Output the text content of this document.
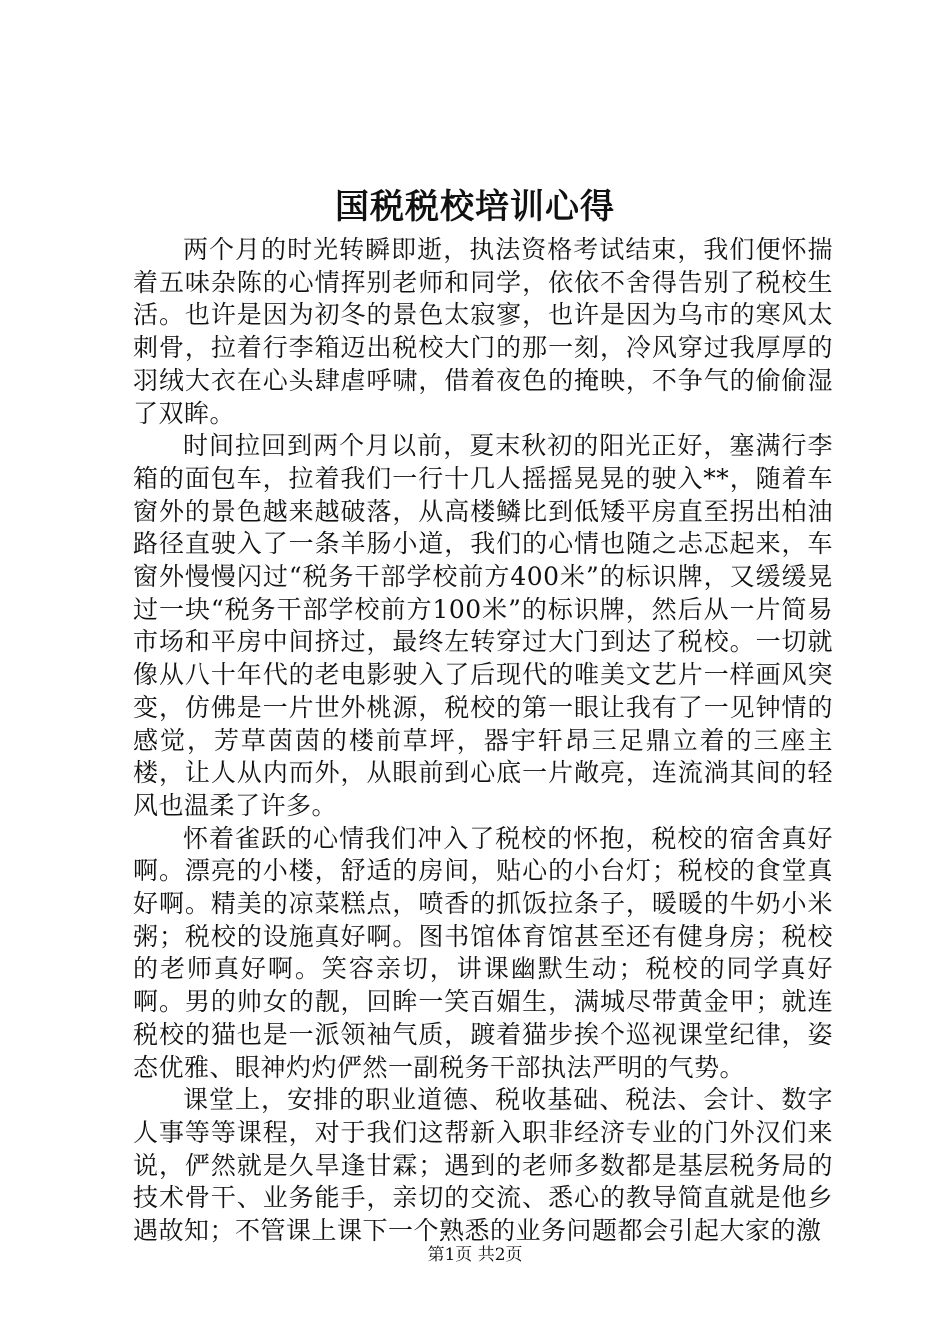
国税税校培训心得

两个月的时光转瞬即逝，执法资格考试结束，我们便怀揣着五味杂陈的心情挥别老师和同学，依依不舍得告别了税校生活。也许是因为初冬的景色太寂寥，也许是因为乌市的寒风太刺骨，拉着行李箱迈出税校大门的那一刻，冷风穿过我厚厚的羽绒大衣在心头肆虐呼啸，借着夜色的掩映，不争气的偷偷湿了双眸。

时间拉回到两个月以前，夏末秋初的阳光正好，塞满行李箱的面包车，拉着我们一行十几人摇摇晃晃的驶入**，随着车窗外的景色越来越破落，从高楼鳞比到低矮平房直至拐出柏油路径直驶入了一条羊肠小道，我们的心情也随之忐忑起来，车窗外慢慢闪过“税务干部学校前方400米”的标识牌，又缓缓晃过一块“税务干部学校前方100米”的标识牌，然后从一片简易市场和平房中间挤过，最终左转穿过大门到达了税校。一切就像从八十年代的老电影驶入了后现代的唯美文艺片一样画风突变，仿佛是一片世外桃源，税校的第一眼让我有了一见钟情的感觉，芳草茵茵的楼前草坪，器宇轩昂三足鼎立着的三座主楼，让人从内而外，从眼前到心底一片敞亮，连流淌其间的轻风也温柔了许多。

怀着雀跃的心情我们冲入了税校的怀抱，税校的宿舍真好啊。漂亮的小楼，舒适的房间，贴心的小台灯；税校的食堂真好啊。精美的凉菜糕点，喷香的抓饭拉条子，暖暖的牛奶小米粥；税校的设施真好啊。图书馆体育馆甚至还有健身房；税校的老师真好啊。笑容亲切，讲课幽默生动；税校的同学真好啊。男的帅女的靓，回眸一笑百媚生，满城尽带黄金甲；就连税校的猫也是一派领袖气质，踱着猫步挨个巡视课堂纪律，姿态优雅、眼神灼灼俨然一副税务干部执法严明的气势。

课堂上，安排的职业道德、税收基础、税法、会计、数字人事等等课程，对于我们这帮新入职非经济专业的门外汉们来说，俨然就是久旱逢甘霖；遇到的老师多数都是基层税务局的技术骨干、业务能手，亲切的交流、悉心的教导简直就是他乡遇故知；不管课上课下一个熟悉的业务问题都会引起大家的激

第1页 共2页
